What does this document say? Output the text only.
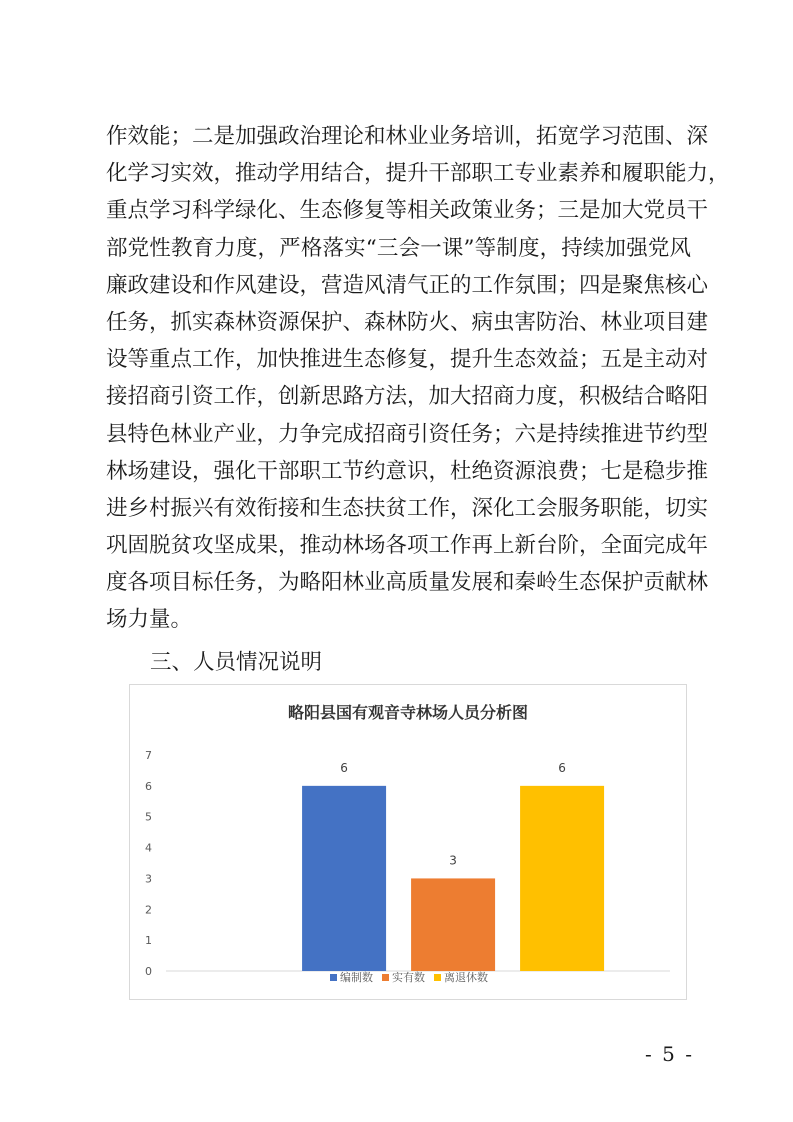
作效能；二是加强政治理论和林业业务培训，拓宽学习范围、深
化学习实效，推动学用结合，提升干部职工专业素养和履职能力，
重点学习科学绿化、生态修复等相关政策业务；三是加大党员干
部党性教育力度，严格落实“三会一课”等制度，持续加强党风
廉政建设和作风建设，营造风清气正的工作氛围；四是聚焦核心
任务，抓实森林资源保护、森林防火、病虫害防治、林业项目建
设等重点工作，加快推进生态修复，提升生态效益；五是主动对
接招商引资工作，创新思路方法，加大招商力度，积极结合略阳
县特色林业产业，力争完成招商引资任务；六是持续推进节约型
林场建设，强化干部职工节约意识，杜绝资源浪费；七是稳步推
进乡村振兴有效衔接和生态扶贫工作，深化工会服务职能，切实
巩固脱贫攻坚成果，推动林场各项工作再上新台阶，全面完成年
度各项目标任务，为略阳林业高质量发展和秦岭生态保护贡献林
场力量。
三、人员情况说明
略阳县国有观音寺林场人员分析图
0
1
2
3
4
5
6
7
6
3
6
编制数 实有数 离退休数
- 5 -
